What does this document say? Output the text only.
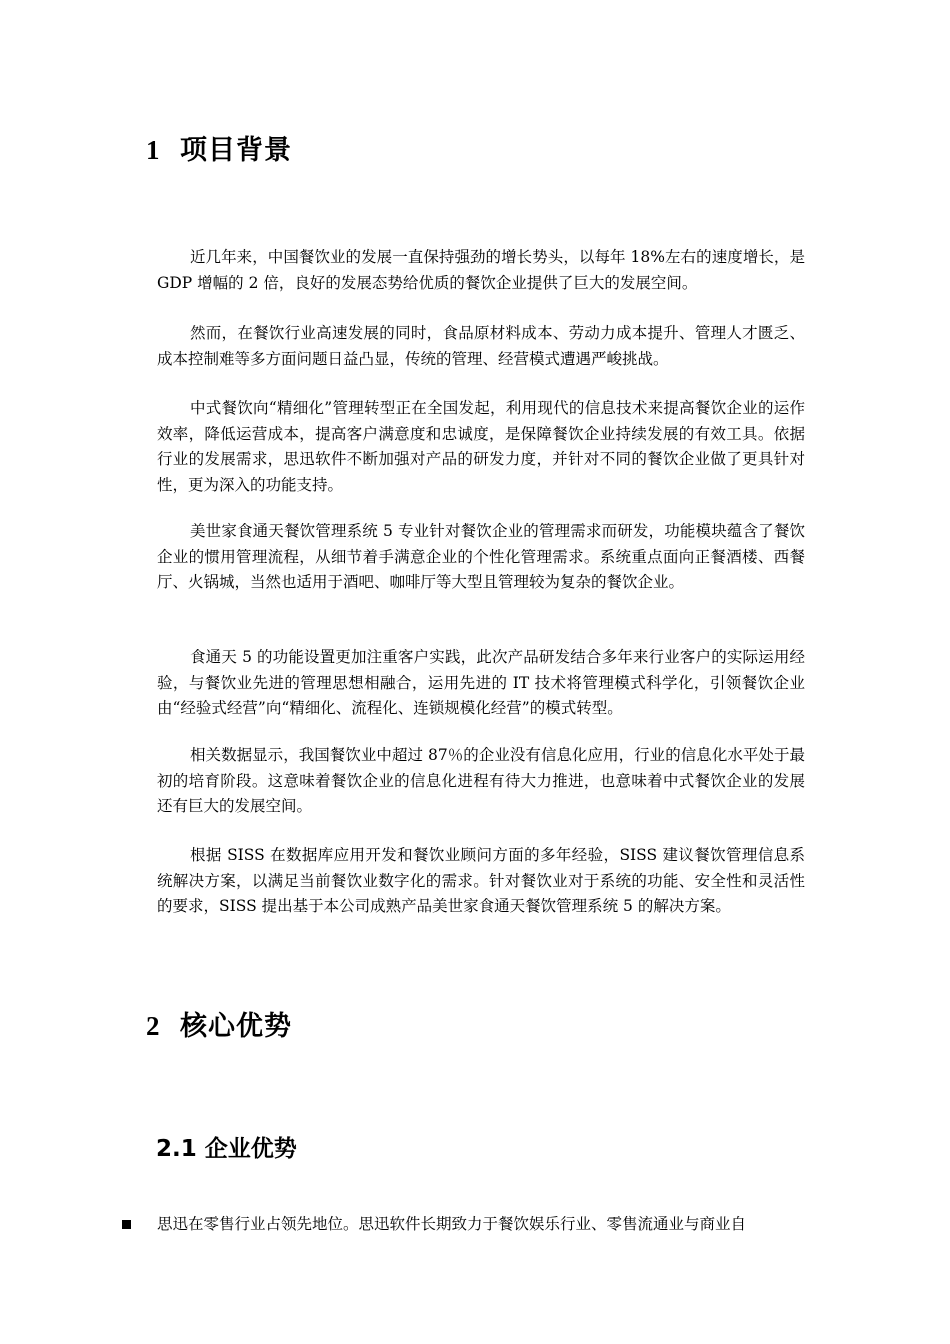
1 项目背景

近几年来，中国餐饮业的发展一直保持强劲的增长势头，以每年 18%左右的速度增长，是 GDP 增幅的 2 倍，良好的发展态势给优质的餐饮企业提供了巨大的发展空间。

然而，在餐饮行业高速发展的同时，食品原材料成本、劳动力成本提升、管理人才匮乏、成本控制难等多方面问题日益凸显，传统的管理、经营模式遭遇严峻挑战。

中式餐饮向“精细化”管理转型正在全国发起，利用现代的信息技术来提高餐饮企业的运作效率，降低运营成本，提高客户满意度和忠诚度，是保障餐饮企业持续发展的有效工具。依据行业的发展需求，思迅软件不断加强对产品的研发力度，并针对不同的餐饮企业做了更具针对性，更为深入的功能支持。

美世家食通天餐饮管理系统 5 专业针对餐饮企业的管理需求而研发，功能模块蕴含了餐饮企业的惯用管理流程，从细节着手满意企业的个性化管理需求。系统重点面向正餐酒楼、西餐厅、火锅城，当然也适用于酒吧、咖啡厅等大型且管理较为复杂的餐饮企业。

食通天 5 的功能设置更加注重客户实践，此次产品研发结合多年来行业客户的实际运用经验，与餐饮业先进的管理思想相融合，运用先进的 IT 技术将管理模式科学化，引领餐饮企业由“经验式经营”向“精细化、流程化、连锁规模化经营”的模式转型。

相关数据显示，我国餐饮业中超过 87％的企业没有信息化应用，行业的信息化水平处于最初的培育阶段。这意味着餐饮企业的信息化进程有待大力推进，也意味着中式餐饮企业的发展还有巨大的发展空间。

根据 SISS 在数据库应用开发和餐饮业顾问方面的多年经验，SISS 建议餐饮管理信息系统解决方案，以满足当前餐饮业数字化的需求。针对餐饮业对于系统的功能、安全性和灵活性的要求，SISS 提出基于本公司成熟产品美世家食通天餐饮管理系统 5 的解决方案。

2 核心优势
2.1 企业优势

思迅在零售行业占领先地位。思迅软件长期致力于餐饮娱乐行业、零售流通业与商业自
